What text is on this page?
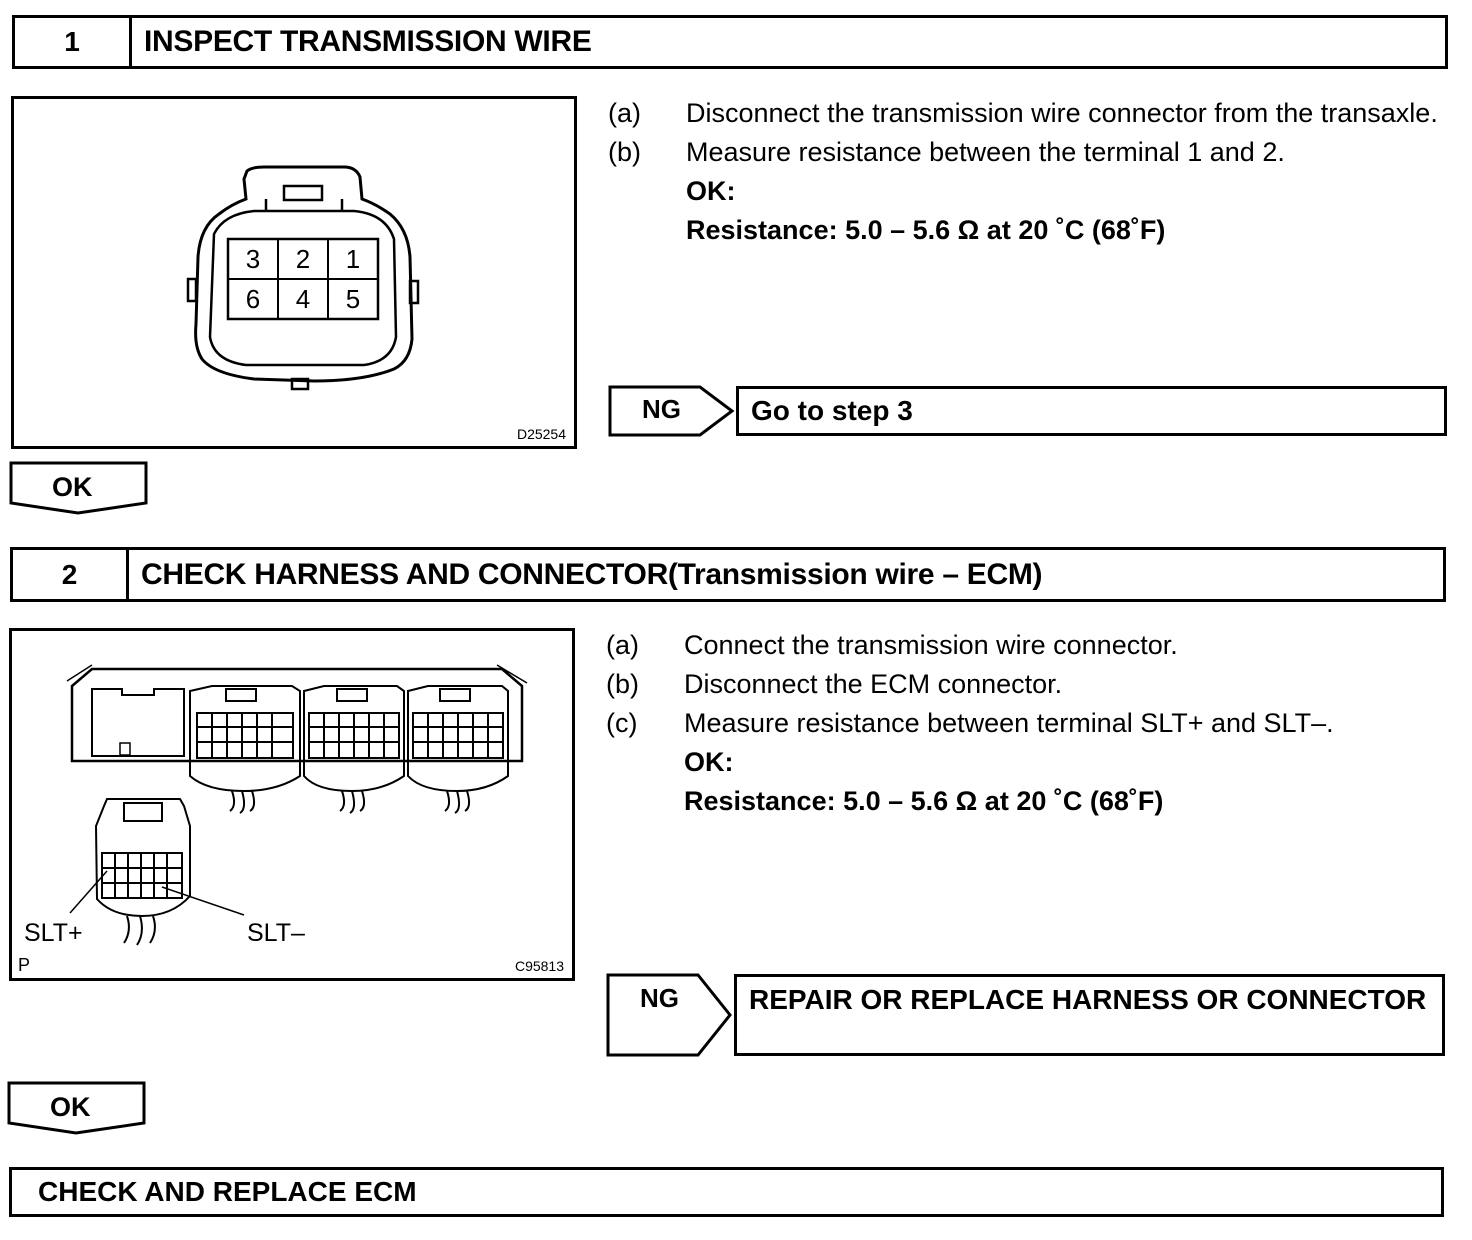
1	INSPECT TRANSMISSION WIRE
3 2 1
6 4 5
D25254
(a)	Disconnect the transmission wire connector from the transaxle.
(b)	Measure resistance between the terminal 1 and 2.
OK:
Resistance: 5.0 – 5.6 Ω at 20 ˚C (68˚F)
NG	Go to step 3
OK
2	CHECK HARNESS AND CONNECTOR(Transmission wire – ECM)
SLT+	SLT–
P	C95813
(a)	Connect the transmission wire connector.
(b)	Disconnect the ECM connector.
(c)	Measure resistance between terminal SLT+ and SLT–.
OK:
Resistance: 5.0 – 5.6 Ω at 20 ˚C (68˚F)
NG	REPAIR OR REPLACE HARNESS OR CONNECTOR
OK
CHECK AND REPLACE ECM
